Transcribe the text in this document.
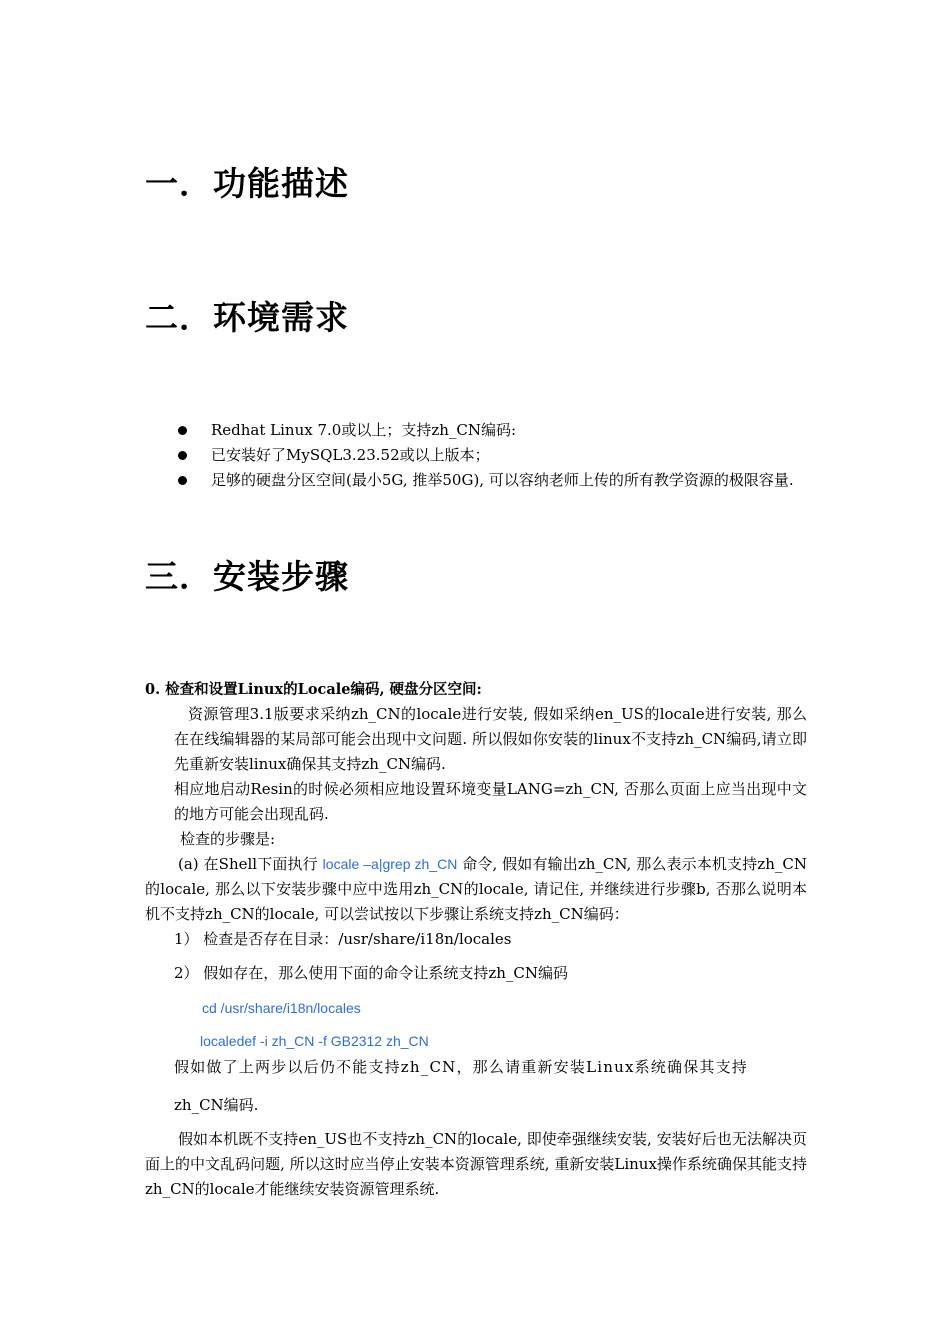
一．功能描述
二．环境需求
Redhat Linux 7.0或以上；支持zh_CN编码:
已安装好了MySQL3.23.52或以上版本；
足够的硬盘分区空间(最小5G, 推举50G), 可以容纳老师上传的所有教学资源的极限容量.
三．安装步骤

0. 检查和设置Linux的Locale编码, 硬盘分区空间:

资源管理3.1版要求采纳zh_CN的locale进行安装, 假如采纳en_US的locale进行安装, 那么在在线编辑器的某局部可能会出现中文问题. 所以假如你安装的linux不支持zh_CN编码,请立即先重新安装linux确保其支持zh_CN编码.

相应地启动Resin的时候必须相应地设置环境变量LANG=zh_CN, 否那么页面上应当出现中文的地方可能会出现乱码.

检查的步骤是:

(a) 在Shell下面执行 locale –a|grep zh_CN 命令, 假如有输出zh_CN, 那么表示本机支持zh_CN的locale, 那么以下安装步骤中应中选用zh_CN的locale, 请记住, 并继续进行步骤b, 否那么说明本机不支持zh_CN的locale, 可以尝试按以下步骤让系统支持zh_CN编码：

1） 检查是否存在目录：/usr/share/i18n/locales

2） 假如存在，那么使用下面的命令让系统支持zh_CN编码

cd /usr/share/i18n/locales

localedef -i zh_CN -f GB2312 zh_CN

假如做了上两步以后仍不能支持zh_CN，那么请重新安装Linux系统确保其支持

zh_CN编码.

假如本机既不支持en_US也不支持zh_CN的locale, 即使牵强继续安装, 安装好后也无法解决页面上的中文乱码问题, 所以这时应当停止安装本资源管理系统, 重新安装Linux操作系统确保其能支持zh_CN的locale才能继续安装资源管理系统.
